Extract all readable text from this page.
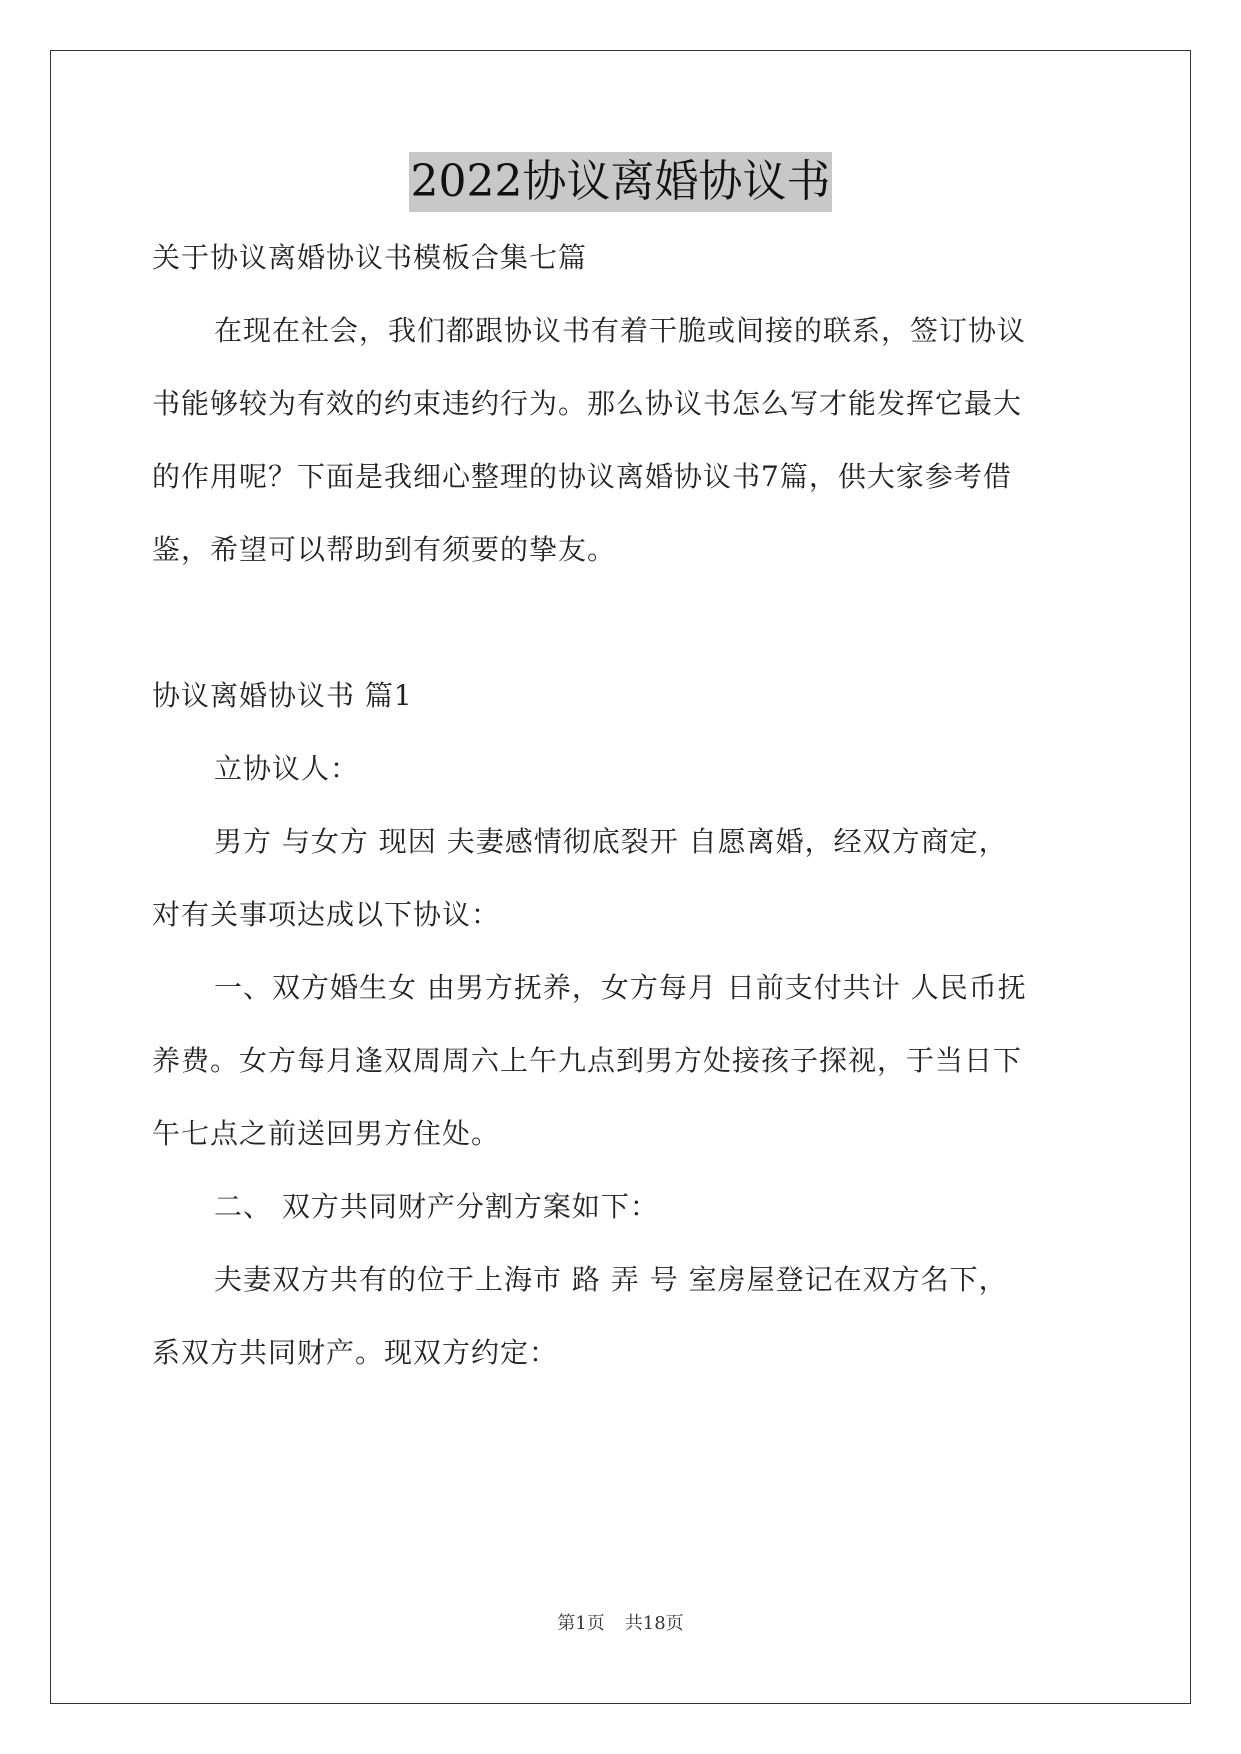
2022协议离婚协议书
关于协议离婚协议书模板合集七篇
在现在社会，我们都跟协议书有着干脆或间接的联系，签订协议
书能够较为有效的约束违约行为。那么协议书怎么写才能发挥它最大
的作用呢？下面是我细心整理的协议离婚协议书7篇，供大家参考借
鉴，希望可以帮助到有须要的挚友。
协议离婚协议书 篇1
立协议人：
男方 与女方 现因 夫妻感情彻底裂开 自愿离婚，经双方商定，
对有关事项达成以下协议：
一、双方婚生女 由男方抚养，女方每月 日前支付共计 人民币抚
养费。女方每月逢双周周六上午九点到男方处接孩子探视，于当日下
午七点之前送回男方住处。
二、 双方共同财产分割方案如下：
夫妻双方共有的位于上海市 路 弄 号 室房屋登记在双方名下，
系双方共同财产。现双方约定：
第1页 共18页
